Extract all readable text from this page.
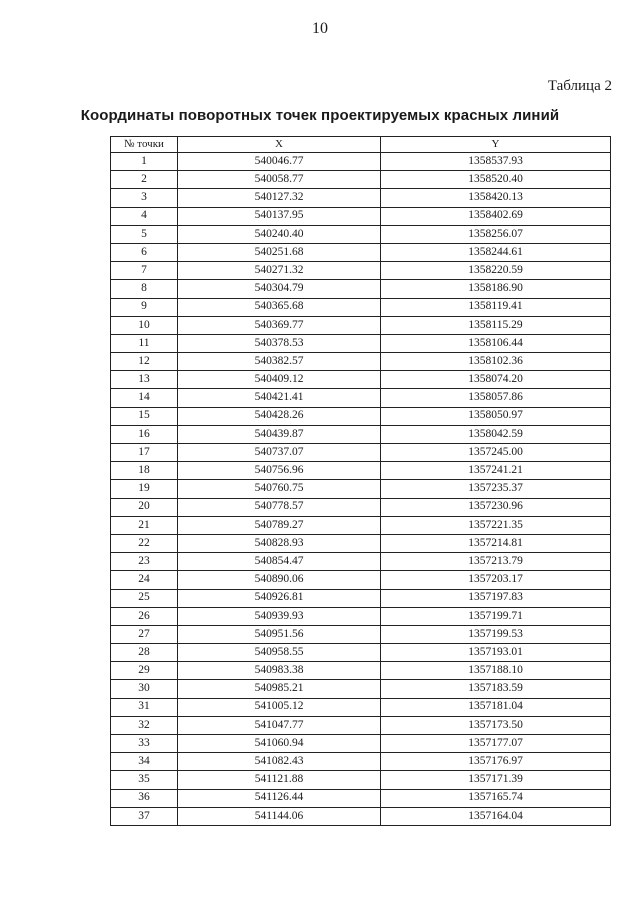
10
Таблица 2
Координаты поворотных точек проектируемых красных линий
№ точки	X	Y
1	540046.77	1358537.93
2	540058.77	1358520.40
3	540127.32	1358420.13
4	540137.95	1358402.69
5	540240.40	1358256.07
6	540251.68	1358244.61
7	540271.32	1358220.59
8	540304.79	1358186.90
9	540365.68	1358119.41
10	540369.77	1358115.29
11	540378.53	1358106.44
12	540382.57	1358102.36
13	540409.12	1358074.20
14	540421.41	1358057.86
15	540428.26	1358050.97
16	540439.87	1358042.59
17	540737.07	1357245.00
18	540756.96	1357241.21
19	540760.75	1357235.37
20	540778.57	1357230.96
21	540789.27	1357221.35
22	540828.93	1357214.81
23	540854.47	1357213.79
24	540890.06	1357203.17
25	540926.81	1357197.83
26	540939.93	1357199.71
27	540951.56	1357199.53
28	540958.55	1357193.01
29	540983.38	1357188.10
30	540985.21	1357183.59
31	541005.12	1357181.04
32	541047.77	1357173.50
33	541060.94	1357177.07
34	541082.43	1357176.97
35	541121.88	1357171.39
36	541126.44	1357165.74
37	541144.06	1357164.04
